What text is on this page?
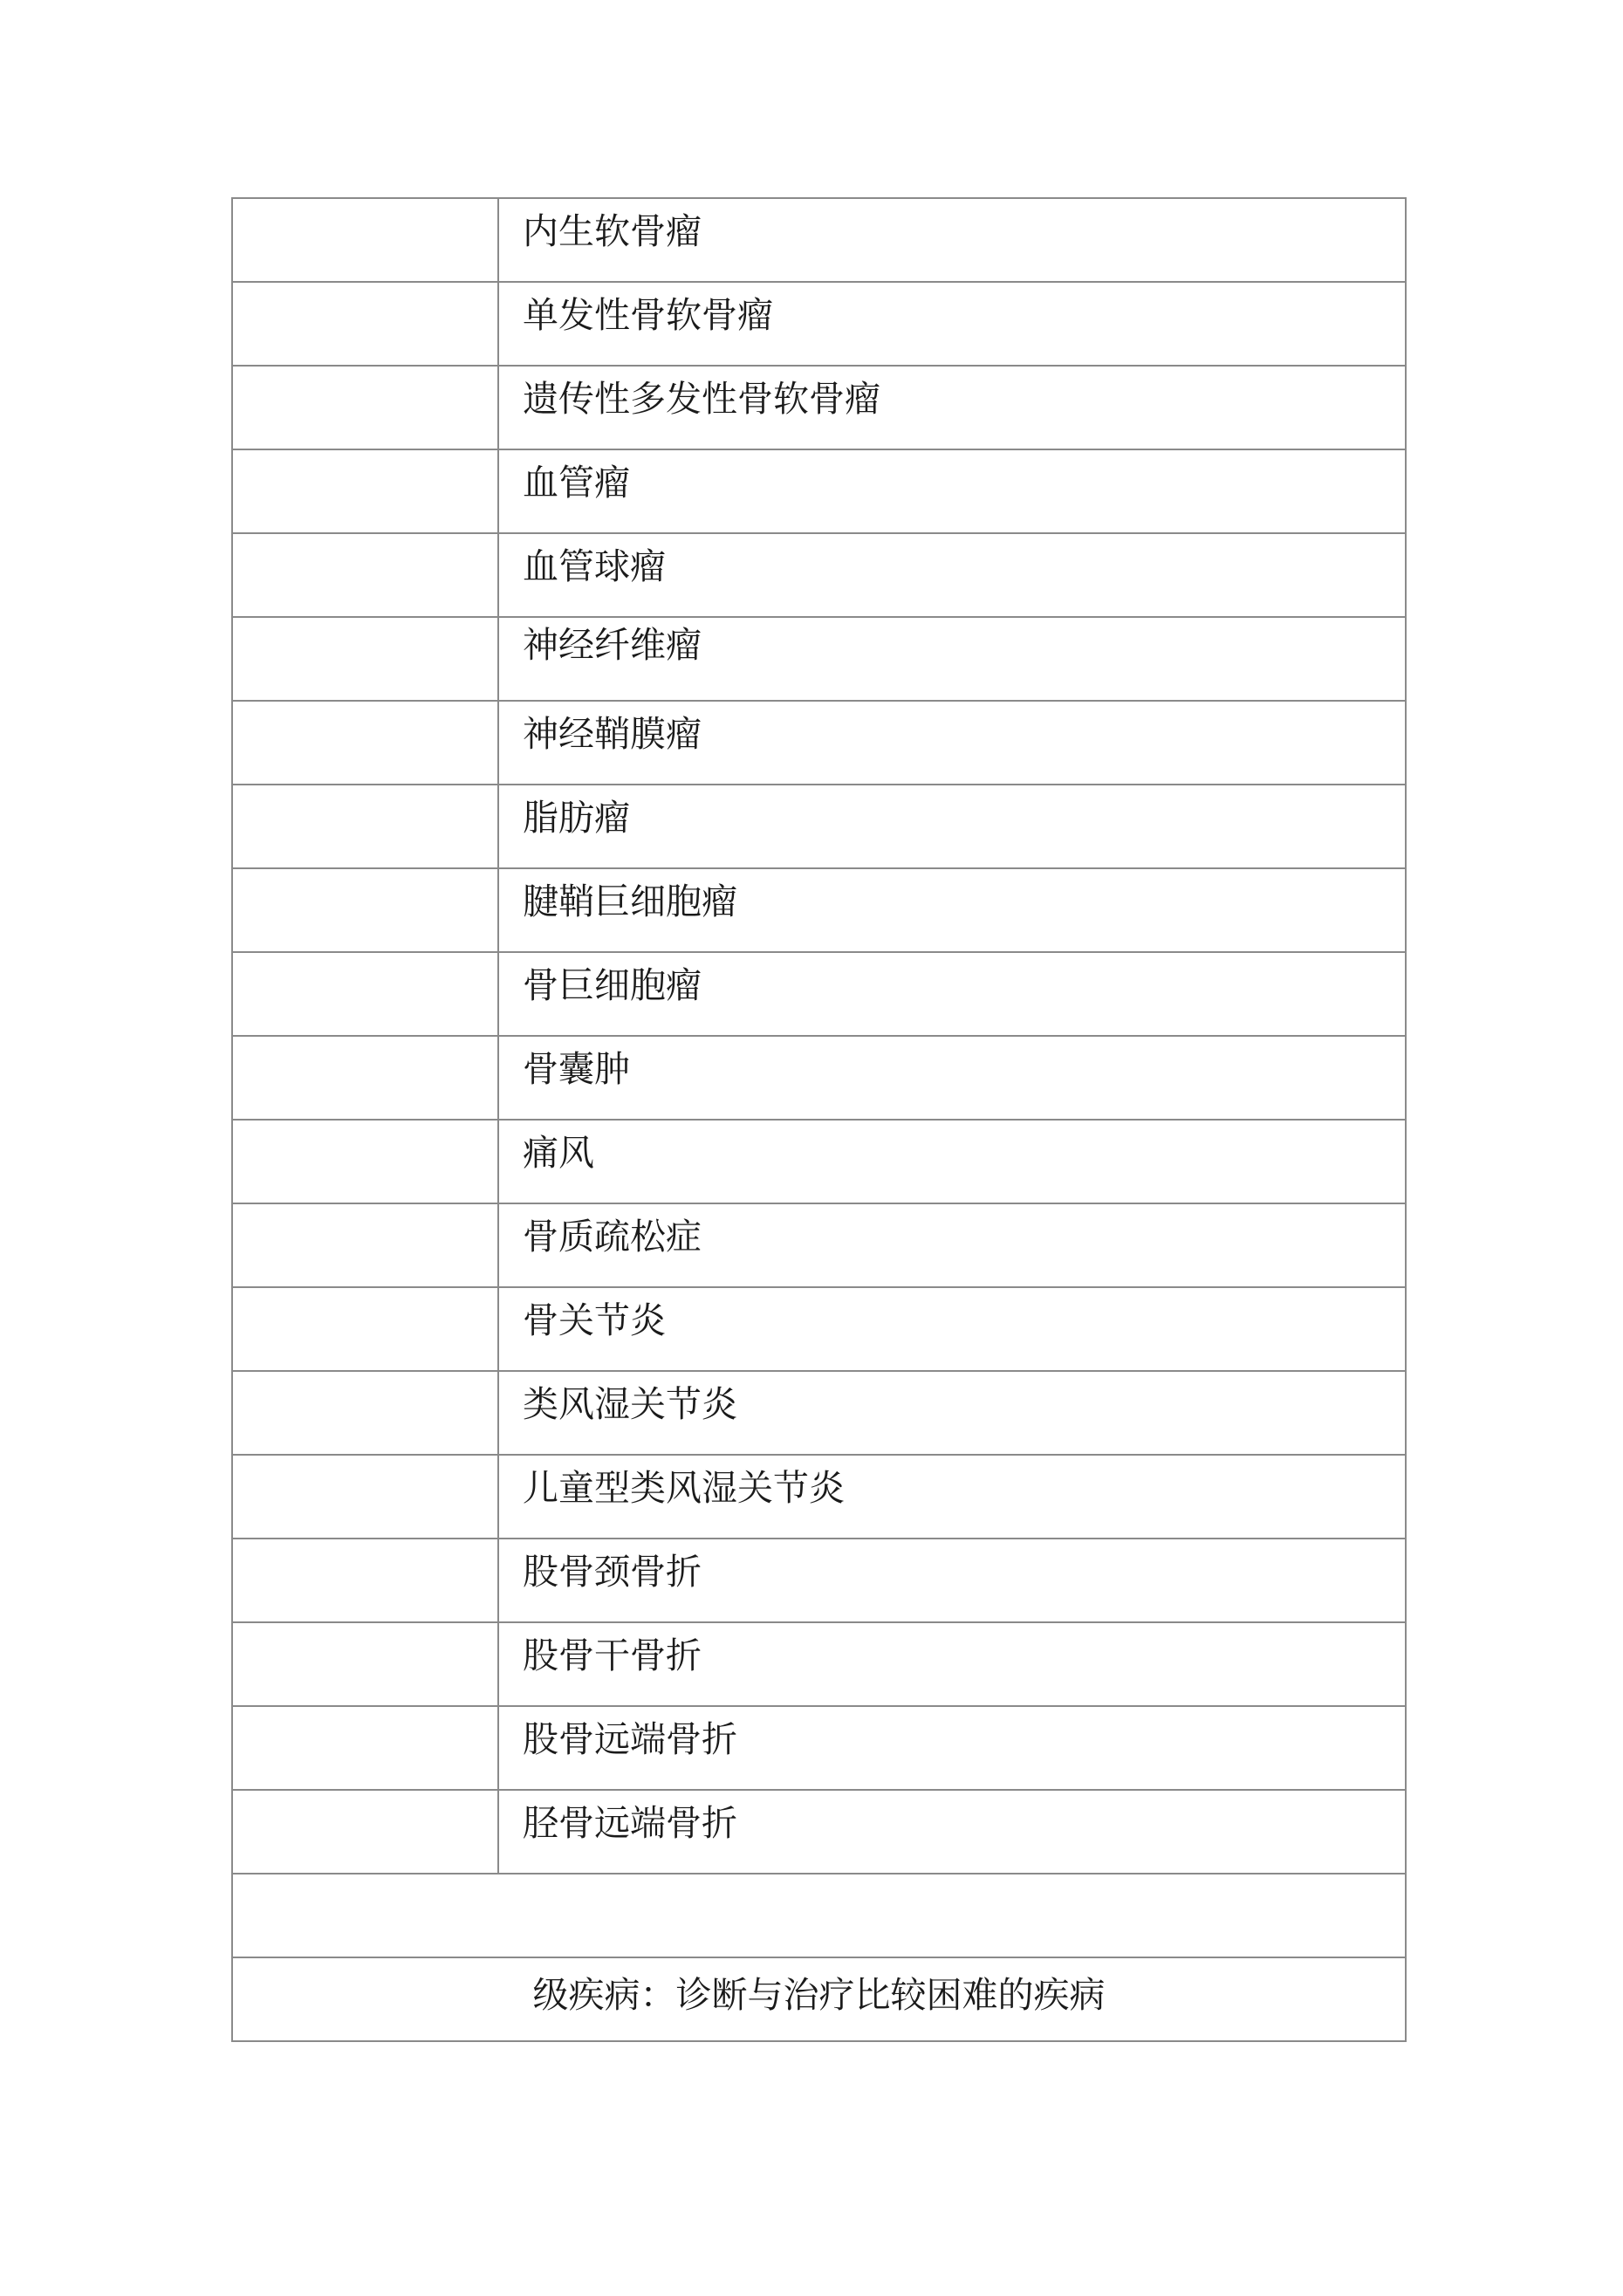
	内生软骨瘤
	单发性骨软骨瘤
	遗传性多发性骨软骨瘤
	血管瘤
	血管球瘤
	神经纤维瘤
	神经鞘膜瘤
	脂肪瘤
	腱鞘巨细胞瘤
	骨巨细胞瘤
	骨囊肿
	痛风
	骨质疏松症
	骨关节炎
	类风湿关节炎
	儿童型类风湿关节炎
	股骨颈骨折
	股骨干骨折
	股骨远端骨折
	胫骨远端骨折

级疾病：诊断与治疗比较困难的疾病	
